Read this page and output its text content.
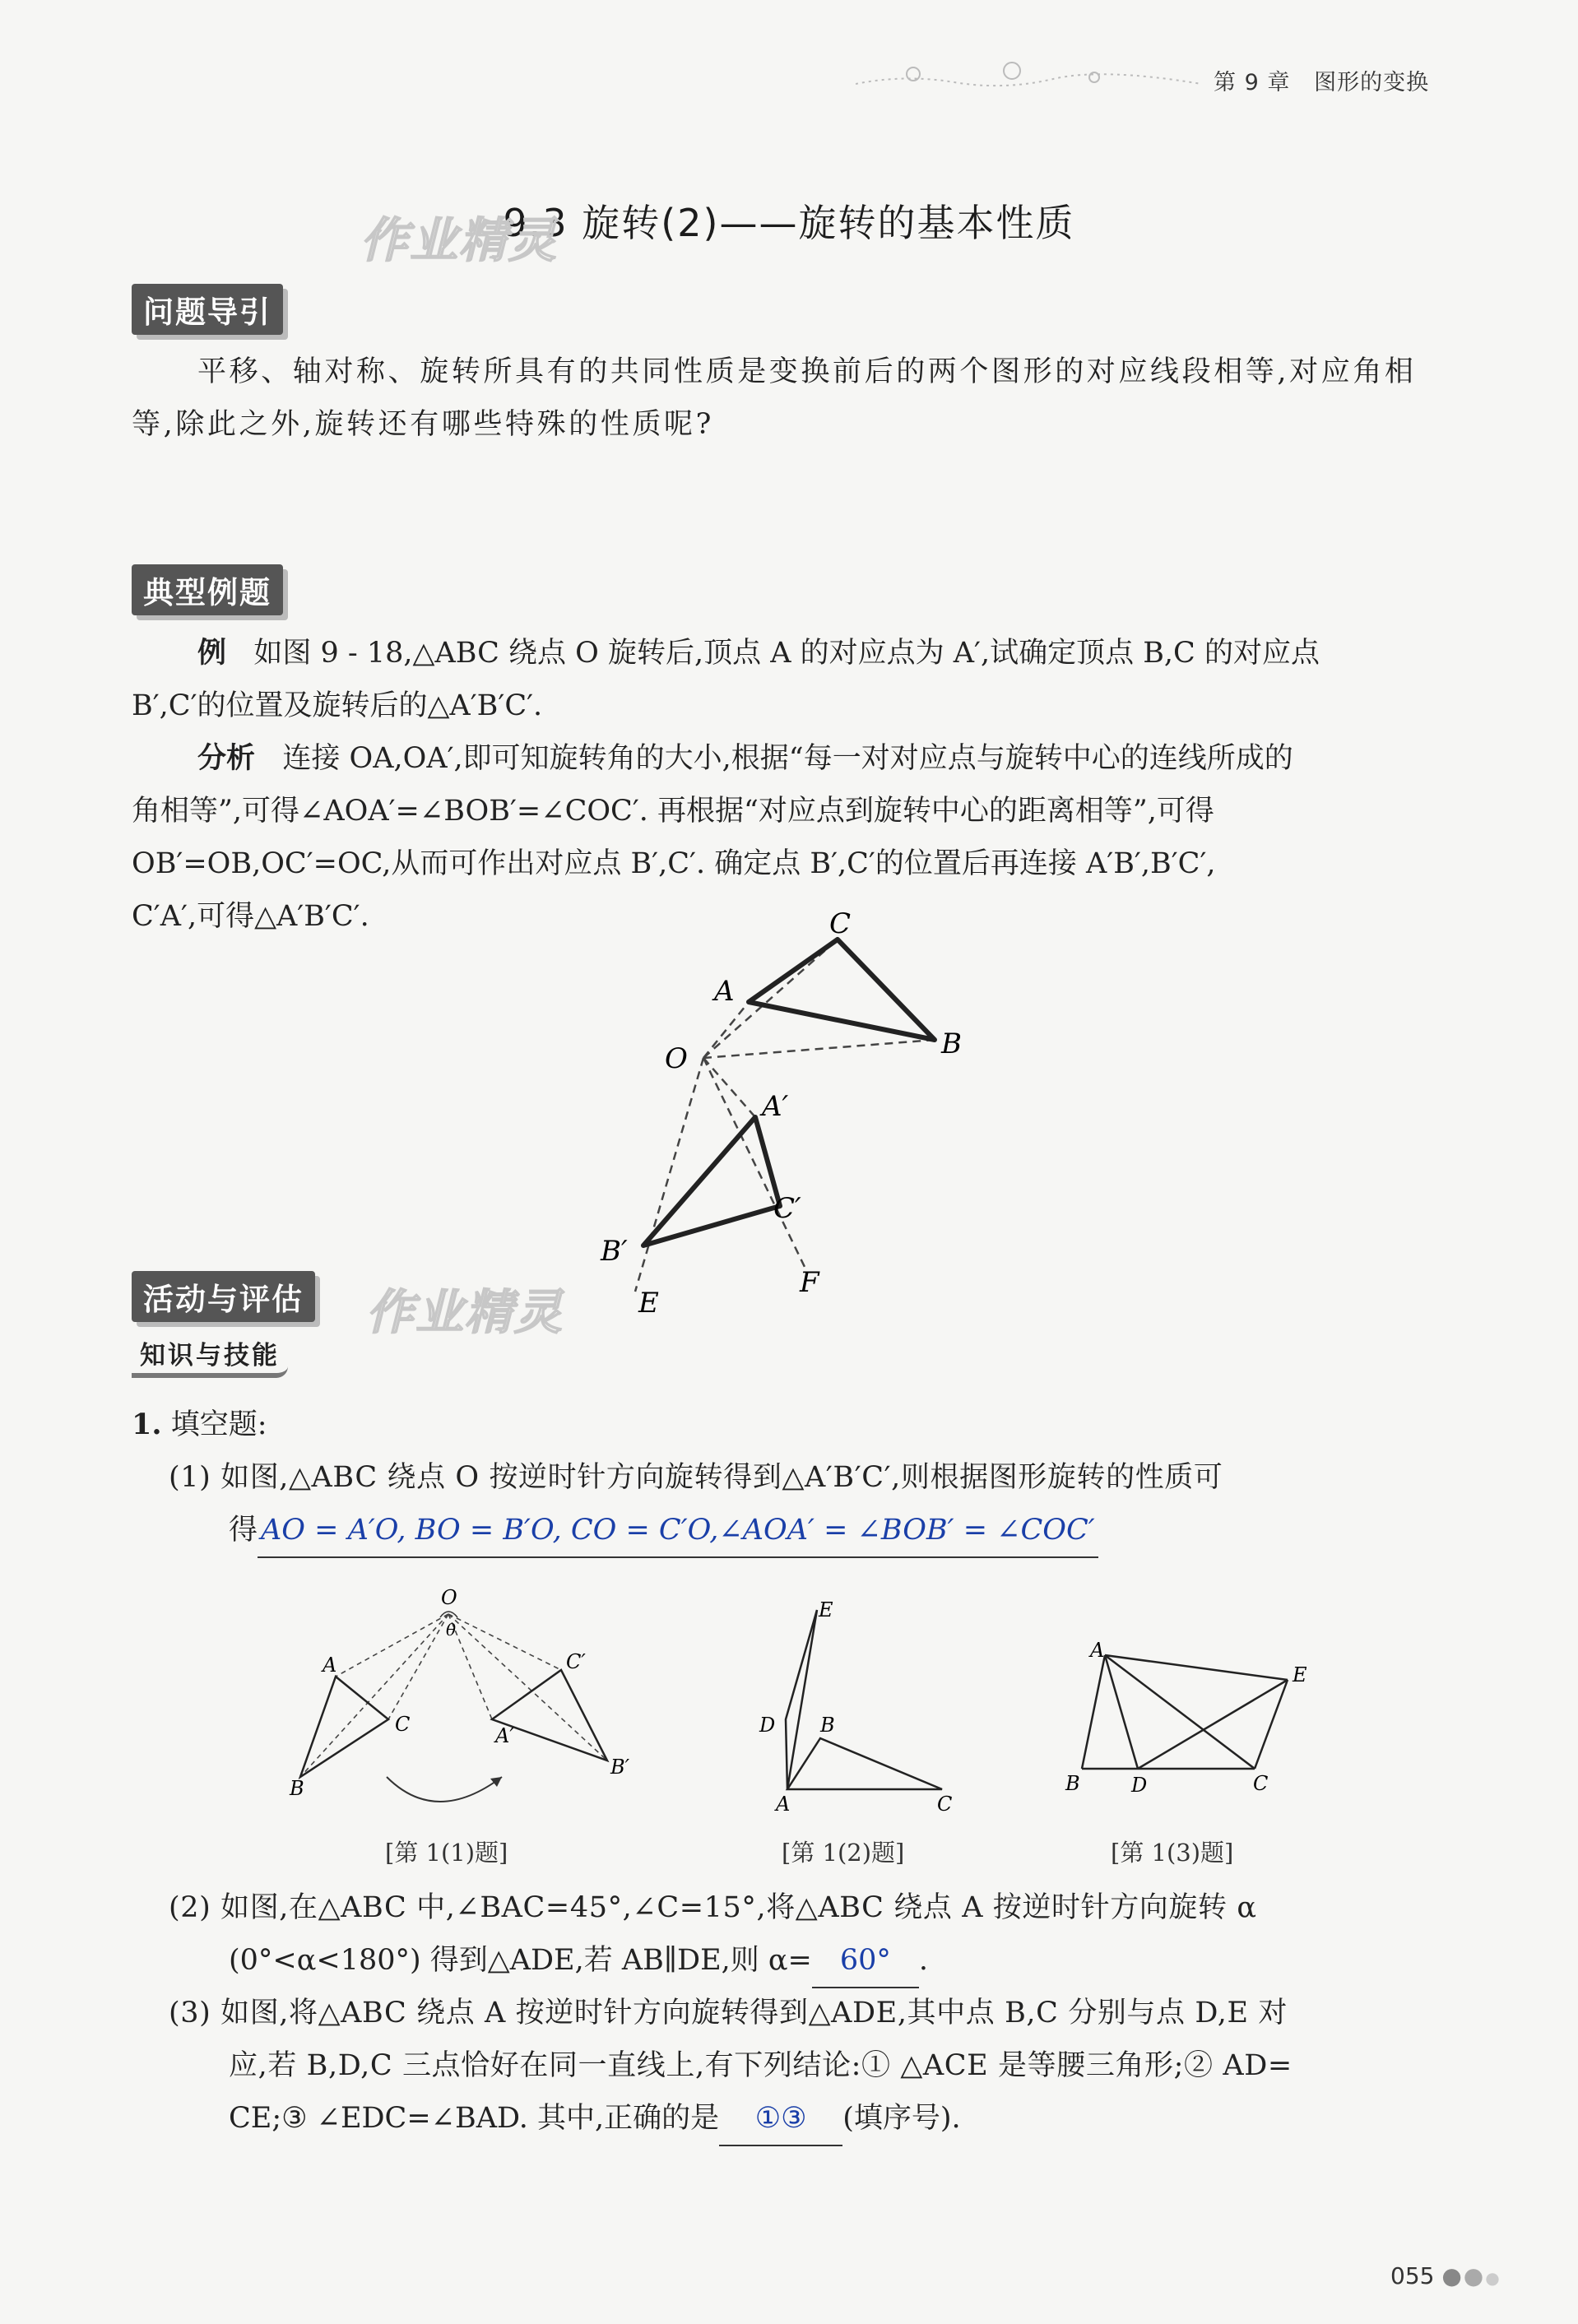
第 9 章 图形的变换
9.3 旋转(2)——旋转的基本性质
作业精灵
问题导引
平移、轴对称、旋转所具有的共同性质是变换前后的两个图形的对应线段相等,对应角相
等,除此之外,旋转还有哪些特殊的性质呢?
典型例题
例 如图 9 - 18,△ABC 绕点 O 旋转后,顶点 A 的对应点为 A′,试确定顶点 B,C 的对应点
B′,C′的位置及旋转后的△A′B′C′.
分析 连接 OA,OA′,即可知旋转角的大小,根据“每一对对应点与旋转中心的连线所成的
角相等”,可得∠AOA′=∠BOB′=∠COC′. 再根据“对应点到旋转中心的距离相等”,可得
OB′=OB,OC′=OC,从而可作出对应点 B′,C′. 确定点 B′,C′的位置后再连接 A′B′,B′C′,
C′A′,可得△A′B′C′.	C
A
B
O
A′
C′
B′
E
F
活动与评估 作业精灵
知识与技能
1. 填空题:
(1) 如图,△ABC 绕点 O 按逆时针方向旋转得到△A′B′C′,则根据图形旋转的性质可
得 AO = A′O, BO = B′O, CO = C′O,∠AOA′ = ∠BOB′ = ∠COC′
O
θ
A
B
C
C′
A′
B′
[第 1(1)题]
E
D B
A	C
[第 1(2)题]
A
E
B	D	C
[第 1(3)题]
(2) 如图,在△ABC 中,∠BAC=45°,∠C=15°,将△ABC 绕点 A 按逆时针方向旋转 α
(0°<α<180°) 得到△ADE,若 AB∥DE,则 α= 60° .
(3) 如图,将△ABC 绕点 A 按逆时针方向旋转得到△ADE,其中点 B,C 分别与点 D,E 对
应,若 B,D,C 三点恰好在同一直线上,有下列结论:① △ACE 是等腰三角形;② AD=
CE;③ ∠EDC=∠BAD. 其中,正确的是 ①③ (填序号).
055 ●●●
